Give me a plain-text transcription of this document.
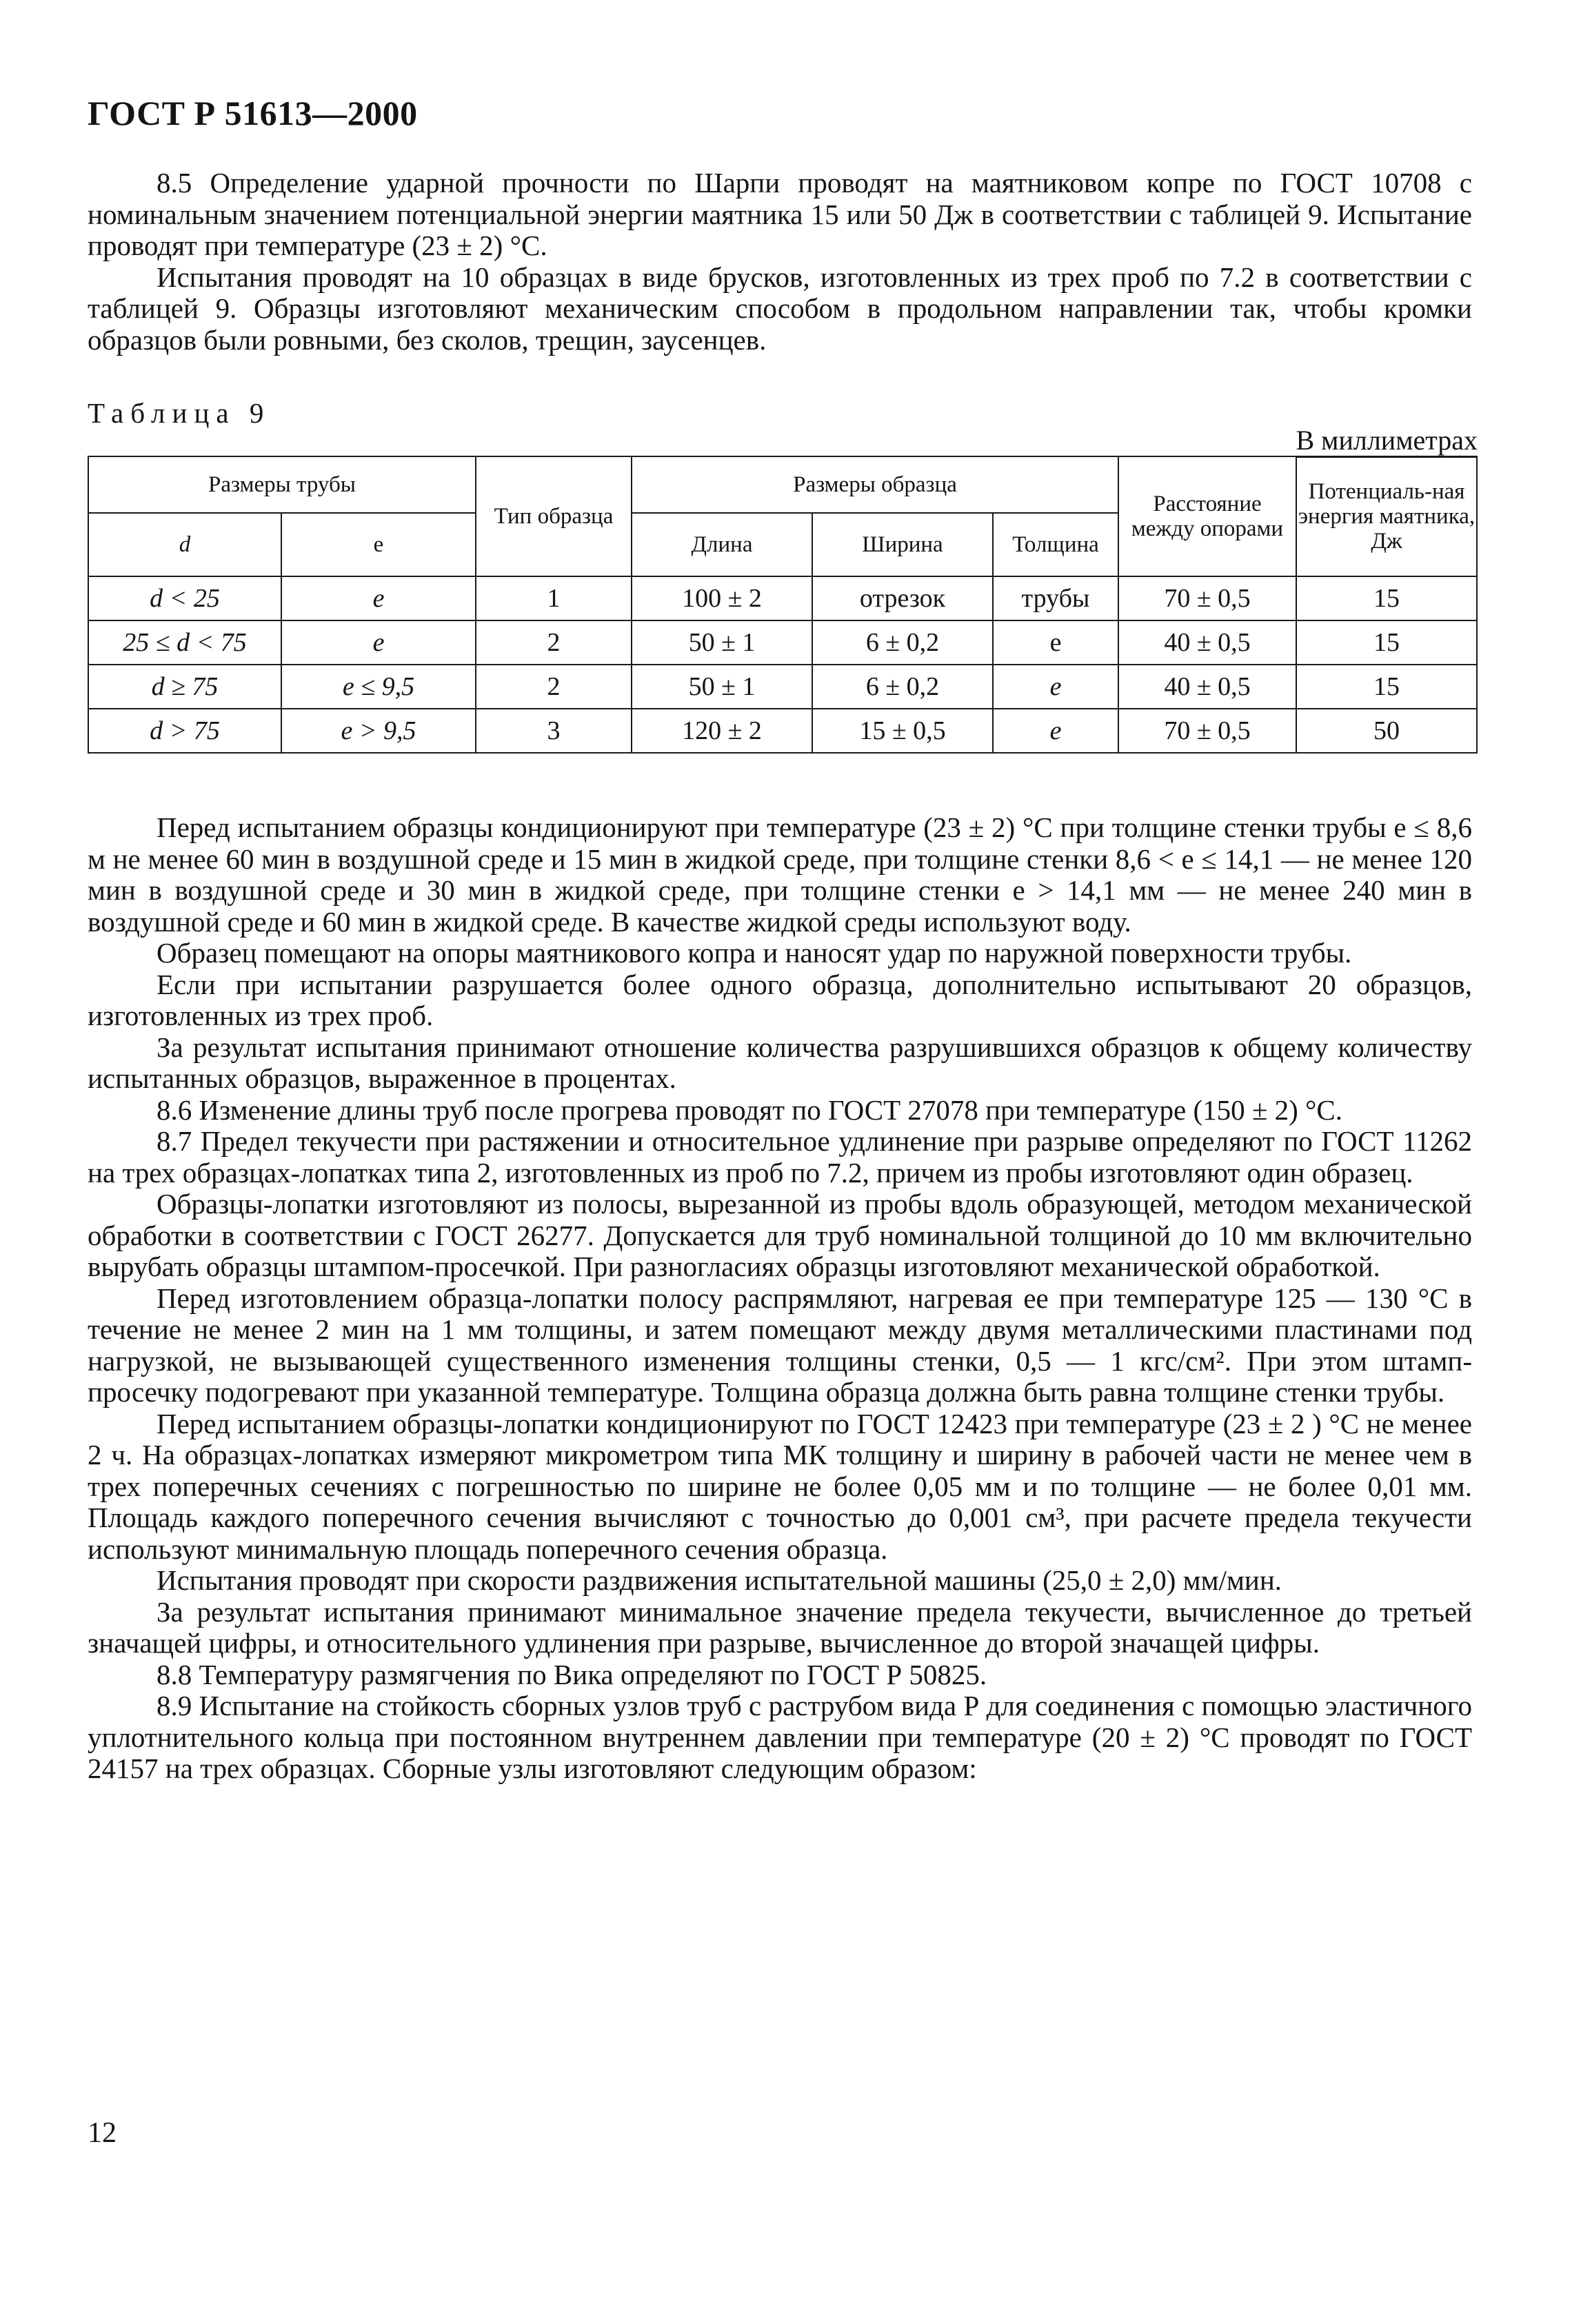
ГОСТ Р 51613—2000

8.5 Определение ударной прочности по Шарпи проводят на маятниковом копре по ГОСТ 10708 с номинальным значением потенциальной энергии маятника 15 или 50 Дж в соответствии с таблицей 9. Испытание проводят при температуре (23 ± 2) °С.

Испытания проводят на 10 образцах в виде брусков, изготовленных из трех проб по 7.2 в соответствии с таблицей 9. Образцы изготовляют механическим способом в продольном направлении так, чтобы кромки образцов были ровными, без сколов, трещин, заусенцев.

Таблица 9
В миллиметрах
Размеры трубы		Тип образца	Размеры образца			Расстояние между опорами	Потенциаль-ная энергия маятника, Дж
d	e		Длина	Ширина	Толщина		
d < 25	e	1	100 ± 2	отрезок	трубы	70 ± 0,5	15
25 ≤ d < 75	e	2	50 ± 1	6 ± 0,2	e	40 ± 0,5	15
d ≥ 75	e ≤ 9,5	2	50 ± 1	6 ± 0,2	e	40 ± 0,5	15
d > 75	e > 9,5	3	120 ± 2	15 ± 0,5	e	70 ± 0,5	50

Перед испытанием образцы кондиционируют при температуре (23 ± 2) °С при толщине стенки трубы e ≤ 8,6 м не менее 60 мин в воздушной среде и 15 мин в жидкой среде, при толщине стенки 8,6 < e ≤ 14,1 — не менее 120 мин в воздушной среде и 30 мин в жидкой среде, при толщине стенки e > 14,1 мм — не менее 240 мин в воздушной среде и 60 мин в жидкой среде. В качестве жидкой среды используют воду.

Образец помещают на опоры маятникового копра и наносят удар по наружной поверхности трубы.

Если при испытании разрушается более одного образца, дополнительно испытывают 20 образцов, изготовленных из трех проб.

За результат испытания принимают отношение количества разрушившихся образцов к общему количеству испытанных образцов, выраженное в процентах.

8.6 Изменение длины труб после прогрева проводят по ГОСТ 27078 при температуре (150 ± 2) °С.

8.7 Предел текучести при растяжении и относительное удлинение при разрыве определяют по ГОСТ 11262 на трех образцах-лопатках типа 2, изготовленных из проб по 7.2, причем из пробы изготовляют один образец.

Образцы-лопатки изготовляют из полосы, вырезанной из пробы вдоль образующей, методом механической обработки в соответствии с ГОСТ 26277. Допускается для труб номинальной толщиной до 10 мм включительно вырубать образцы штампом-просечкой. При разногласиях образцы изготовляют механической обработкой.

Перед изготовлением образца-лопатки полосу распрямляют, нагревая ее при температуре 125 — 130 °С в течение не менее 2 мин на 1 мм толщины, и затем помещают между двумя металлическими пластинами под нагрузкой, не вызывающей существенного изменения толщины стенки, 0,5 — 1 кгс/см². При этом штамп-просечку подогревают при указанной температуре. Толщина образца должна быть равна толщине стенки трубы.

Перед испытанием образцы-лопатки кондиционируют по ГОСТ 12423 при температуре (23 ± 2 ) °С не менее 2 ч. На образцах-лопатках измеряют микрометром типа МК толщину и ширину в рабочей части не менее чем в трех поперечных сечениях с погрешностью по ширине не более 0,05 мм и по толщине — не более 0,01 мм. Площадь каждого поперечного сечения вычисляют с точностью до 0,001 см³, при расчете предела текучести используют минимальную площадь поперечного сечения образца.

Испытания проводят при скорости раздвижения испытательной машины (25,0 ± 2,0) мм/мин.

За результат испытания принимают минимальное значение предела текучести, вычисленное до третьей значащей цифры, и относительного удлинения при разрыве, вычисленное до второй значащей цифры.

8.8 Температуру размягчения по Вика определяют по ГОСТ Р 50825.

8.9 Испытание на стойкость сборных узлов труб с раструбом вида Р для соединения с помощью эластичного уплотнительного кольца при постоянном внутреннем давлении при температуре (20 ± 2) °С проводят по ГОСТ 24157 на трех образцах. Сборные узлы изготовляют следующим образом:

12
